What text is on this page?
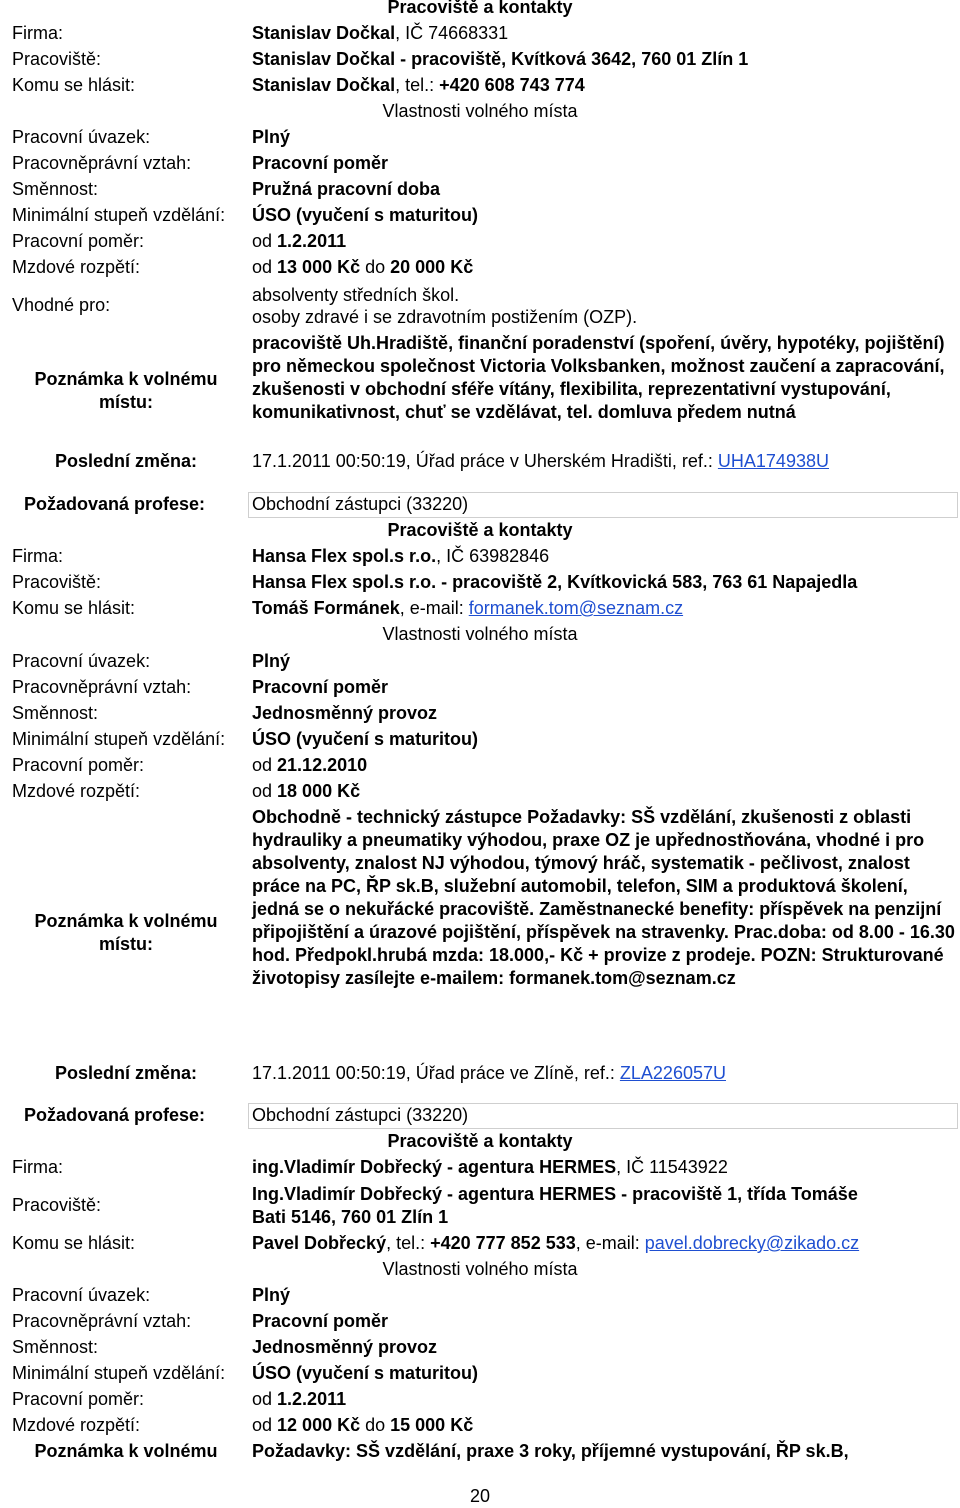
Pracoviště a kontakty
Firma:	Stanislav Dočkal, IČ 74668331
Pracoviště:	Stanislav Dočkal - pracoviště, Kvítková 3642, 760 01 Zlín 1
Komu se hlásit:	Stanislav Dočkal, tel.: +420 608 743 774
Vlastnosti volného místa
Pracovní úvazek:	Plný
Pracovněprávní vztah:	Pracovní poměr
Směnnost:	Pružná pracovní doba
Minimální stupeň vzdělání: ÚSO (vyučení s maturitou)
Pracovní poměr:	od 1.2.2011
Mzdové rozpětí:	od 13 000 Kč do 20 000 Kč
Vhodné pro:	absolventy středních škol.
osoby zdravé i se zdravotním postižením (OZP).
Poznámka k volnému
místu:
pracoviště Uh.Hradiště, finanční poradenství (spoření, úvěry, hypotéky, pojištění) pro německou společnost Victoria Volksbanken, možnost zaučení a zapracování, zkušenosti v obchodní sféře vítány, flexibilita, reprezentativní vystupování, komunikativnost, chuť se vzdělávat, tel. domluva předem nutná
Poslední změna:	17.1.2011 00:50:19, Úřad práce v Uherském Hradišti, ref.: UHA174938U
Požadovaná profese:	Obchodní zástupci (33220)
Pracoviště a kontakty
Firma:	Hansa Flex spol.s r.o., IČ 63982846
Pracoviště:	Hansa Flex spol.s r.o. - pracoviště 2, Kvítkovická 583, 763 61 Napajedla
Komu se hlásit:	Tomáš Formánek, e-mail: formanek.tom@seznam.cz
Vlastnosti volného místa
Pracovní úvazek:	Plný
Pracovněprávní vztah:	Pracovní poměr
Směnnost:	Jednosměnný provoz
Minimální stupeň vzdělání: ÚSO (vyučení s maturitou)
Pracovní poměr:	od 21.12.2010
Mzdové rozpětí:	od 18 000 Kč
Poznámka k volnému
místu:
Obchodně - technický zástupce Požadavky: SŠ vzdělání, zkušenosti z oblasti hydrauliky a pneumatiky výhodou, praxe OZ je upřednostňována, vhodné i pro absolventy, znalost NJ výhodou, týmový hráč, systematik - pečlivost, znalost práce na PC, ŘP sk.B, služební automobil, telefon, SIM a produktová školení, jedná se o nekuřácké pracoviště. Zaměstnanecké benefity: příspěvek na penzijní připojištění a úrazové pojištění, příspěvek na stravenky. Prac.doba: od 8.00 - 16.30 hod. Předpokl.hrubá mzda: 18.000,- Kč + provize z prodeje. POZN: Strukturované životopisy zasílejte e-mailem: formanek.tom@seznam.cz
Poslední změna:	17.1.2011 00:50:19, Úřad práce ve Zlíně, ref.: ZLA226057U
Požadovaná profese:	Obchodní zástupci (33220)
Pracoviště a kontakty
Firma:	ing.Vladimír Dobřecký - agentura HERMES, IČ 11543922
Pracoviště:
Ing.Vladimír Dobřecký - agentura HERMES - pracoviště 1, třída Tomáše
Bati 5146, 760 01 Zlín 1
Komu se hlásit:	Pavel Dobřecký, tel.: +420 777 852 533, e-mail: pavel.dobrecky@zikado.cz
Vlastnosti volného místa
Pracovní úvazek:	Plný
Pracovněprávní vztah:	Pracovní poměr
Směnnost:	Jednosměnný provoz
Minimální stupeň vzdělání: ÚSO (vyučení s maturitou)
Pracovní poměr:	od 1.2.2011
Mzdové rozpětí:	od 12 000 Kč do 15 000 Kč
Poznámka k volnému	Požadavky: SŠ vzdělání, praxe 3 roky, příjemné vystupování, ŘP sk.B,
20
